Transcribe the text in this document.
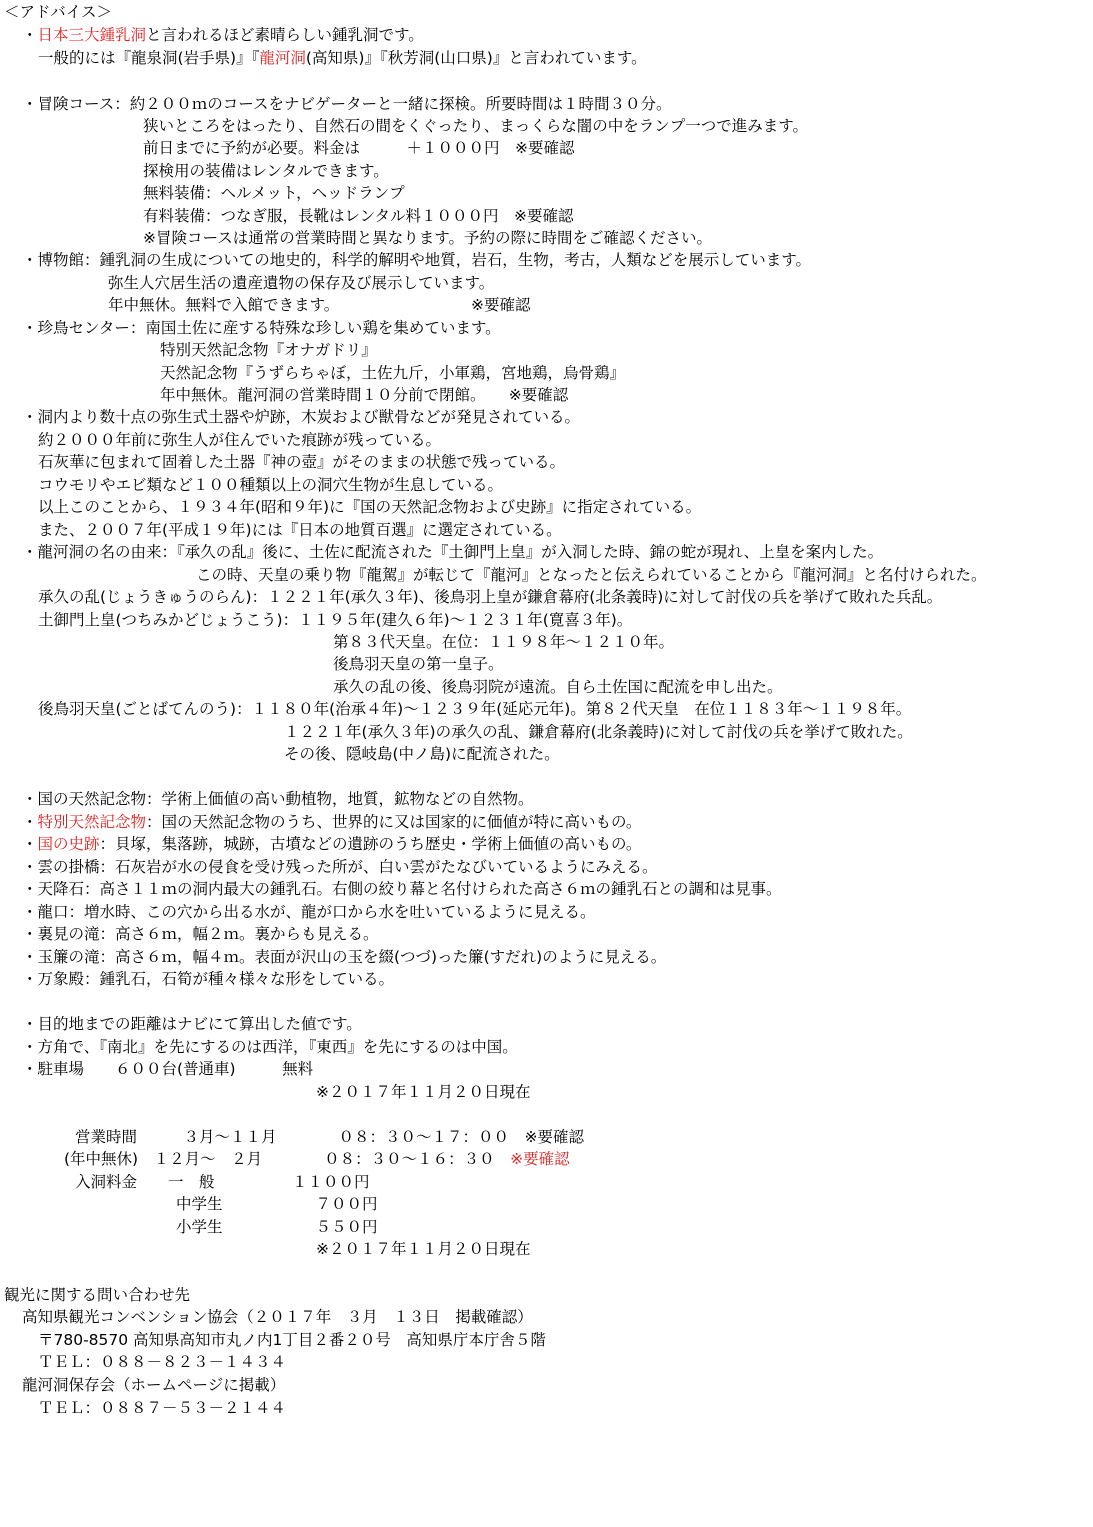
＜アドバイス＞
・日本三大鍾乳洞と言われるほど素晴らしい鍾乳洞です。
一般的には『龍泉洞(岩手県)』『龍河洞(高知県)』『秋芳洞(山口県)』と言われています。
・冒険コース：約２００ｍのコースをナビゲーターと一緒に探検。所要時間は１時間３０分。
狭いところをはったり、自然石の間をくぐったり、まっくらな闇の中をランプ一つで進みます。
前日までに予約が必要。料金は　　　＋１０００円　※要確認
探検用の装備はレンタルできます。
無料装備：ヘルメット，ヘッドランプ
有料装備：つなぎ服，長靴はレンタル料１０００円　※要確認
※冒険コースは通常の営業時間と異なります。予約の際に時間をご確認ください。
・博物館：鍾乳洞の生成についての地史的，科学的解明や地質，岩石，生物，考古，人類などを展示しています。
弥生人穴居生活の遺産遺物の保存及び展示しています。
年中無休。無料で入館できます。　　　　　　　　　※要確認
・珍鳥センター：南国土佐に産する特殊な珍しい鶏を集めています。
特別天然記念物『オナガドリ』
天然記念物『うずらちゃぼ，土佐九斤，小軍鶏，宮地鶏，烏骨鶏』
年中無休。龍河洞の営業時間１０分前で閉館。　　※要確認
・洞内より数十点の弥生式土器や炉跡，木炭および獣骨などが発見されている。
約２０００年前に弥生人が住んでいた痕跡が残っている。
石灰華に包まれて固着した土器『神の壺』がそのままの状態で残っている。
コウモリやエビ類など１００種類以上の洞穴生物が生息している。
以上このことから、１９３４年(昭和９年)に『国の天然記念物および史跡』に指定されている。
また、２００７年(平成１９年)には『日本の地質百選』に選定されている。
・龍河洞の名の由来：『承久の乱』後に、土佐に配流された『土御門上皇』が入洞した時、錦の蛇が現れ、上皇を案内した。
この時、天皇の乗り物『龍駕』が転じて『龍河』となったと伝えられていることから『龍河洞』と名付けられた。
承久の乱(じょうきゅうのらん)：１２２１年(承久３年)、後鳥羽上皇が鎌倉幕府(北条義時)に対して討伐の兵を挙げて敗れた兵乱。
土御門上皇(つちみかどじょうこう)：１１９５年(建久６年)～１２３１年(寛喜３年)。
第８３代天皇。在位：１１９８年～１２１０年。
後鳥羽天皇の第一皇子。
承久の乱の後、後鳥羽院が遠流。自ら土佐国に配流を申し出た。
後鳥羽天皇(ごとばてんのう)：１１８０年(治承４年)～１２３９年(延応元年)。第８２代天皇　在位１１８３年～１１９８年。
１２２１年(承久３年)の承久の乱、鎌倉幕府(北条義時)に対して討伐の兵を挙げて敗れた。
その後、隠岐島(中ノ島)に配流された。
・国の天然記念物：学術上価値の高い動植物，地質，鉱物などの自然物。
・特別天然記念物：国の天然記念物のうち、世界的に又は国家的に価値が特に高いもの。
・国の史跡：貝塚，集落跡，城跡，古墳などの遺跡のうち歴史・学術上価値の高いもの。
・雲の掛橋：石灰岩が水の侵食を受け残った所が、白い雲がたなびいているようにみえる。
・天降石：高さ１１ｍの洞内最大の鍾乳石。右側の絞り幕と名付けられた高さ６ｍの鍾乳石との調和は見事。
・龍口：増水時、この穴から出る水が、龍が口から水を吐いているように見える。
・裏見の滝：高さ６ｍ，幅２ｍ。裏からも見える。
・玉簾の滝：高さ６ｍ，幅４ｍ。表面が沢山の玉を綴(つづ)った簾(すだれ)のように見える。
・万象殿：鍾乳石，石筍が種々様々な形をしている。
・目的地までの距離はナビにて算出した値です。
・方角で、『南北』を先にするのは西洋，『東西』を先にするのは中国。
・駐車場　　６００台(普通車)　　　無料
※２０１７年１１月２０日現在
営業時間　　　３月～１１月　　　　０８：３０～１７：００　※要確認
(年中無休)　１２月～　２月　　　　０８：３０～１６：３０　※要確認
入洞料金　　一　般　　　　　１１００円
中学生　　　　　　７００円
小学生　　　　　　５５０円
※２０１７年１１月２０日現在
観光に関する問い合わせ先
高知県観光コンベンション協会（２０１７年　３月　１３日　掲載確認）
〒780-8570 高知県高知市丸ノ内1丁目２番２０号　高知県庁本庁舎５階
ＴＥＬ：０８８－８２３－１４３４
龍河洞保存会（ホームページに掲載）
ＴＥＬ：０８８７－５３－２１４４
